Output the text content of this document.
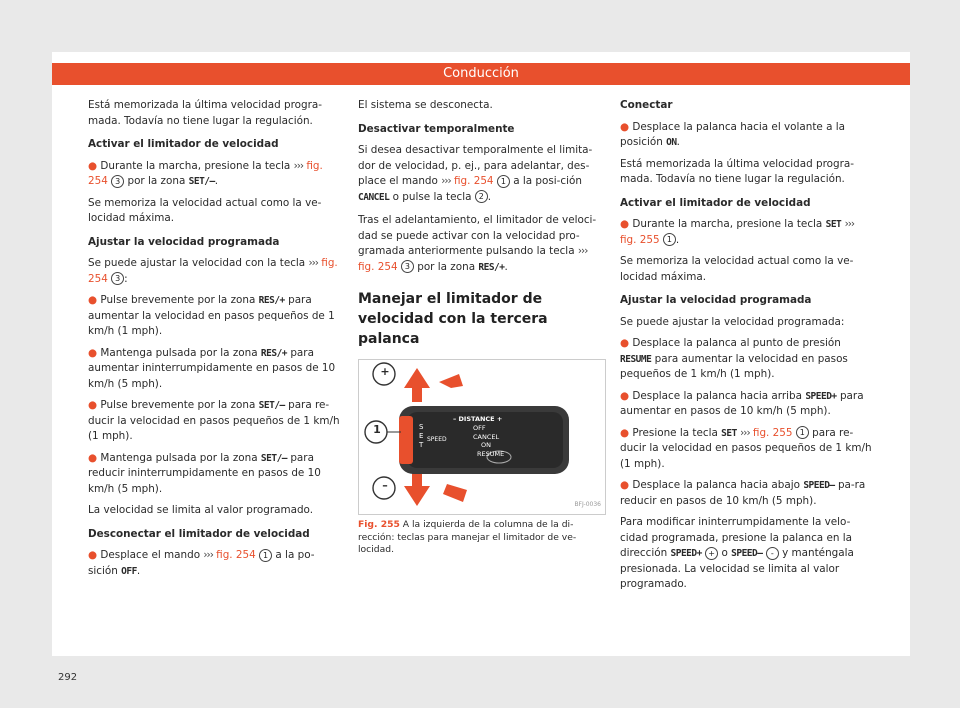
Conducción

Está memorizada la última velocidad progra-mada. Todavía no tiene lugar la regulación.

Activar el limitador de velocidad

● Durante la marcha, presione la tecla ››› fig. 254 3 por la zona SET/–.

Se memoriza la velocidad actual como la ve-locidad máxima.

Ajustar la velocidad programada

Se puede ajustar la velocidad con la tecla ››› fig. 254 3 :

● Pulse brevemente por la zona RES/+ para aumentar la velocidad en pasos pequeños de 1 km/h (1 mph).

● Mantenga pulsada por la zona RES/+ para aumentar ininterrumpidamente en pasos de 10 km/h (5 mph).

● Pulse brevemente por la zona SET/– para re-ducir la velocidad en pasos pequeños de 1 km/h (1 mph).

● Mantenga pulsada por la zona SET/– para reducir ininterrumpidamente en pasos de 10 km/h (5 mph).

La velocidad se limita al valor programado.

Desconectar el limitador de velocidad

● Desplace el mando ››› fig. 254 1 a la po-sición OFF.

El sistema se desconecta.

Desactivar temporalmente

Si desea desactivar temporalmente el limita-dor de velocidad, p. ej., para adelantar, des-place el mando ››› fig. 254 1 a la posi-ción CANCEL o pulse la tecla 2 .

Tras el adelantamiento, el limitador de veloci-dad se puede activar con la velocidad pro-gramada anteriormente pulsando la tecla ››› fig. 254 3 por la zona RES/+.

Manejar el limitador de velocidad con la tercera palanca
+
1
–
– DISTANCE +
S
E
T
SPEED
OFF
CANCEL
ON
RESUME
BFJ-0036
Fig. 255 A la izquierda de la columna de la di-rección: teclas para manejar el limitador de ve-locidad.

Conectar

● Desplace la palanca hacia el volante a la posición ON.

Está memorizada la última velocidad progra-mada. Todavía no tiene lugar la regulación.

Activar el limitador de velocidad

● Durante la marcha, presione la tecla SET ››› fig. 255 1 .

Se memoriza la velocidad actual como la ve-locidad máxima.

Ajustar la velocidad programada

Se puede ajustar la velocidad programada:

● Desplace la palanca al punto de presión RESUME para aumentar la velocidad en pasos pequeños de 1 km/h (1 mph).

● Desplace la palanca hacia arriba SPEED+ para aumentar en pasos de 10 km/h (5 mph).

● Presione la tecla SET ››› fig. 255 1 para re-ducir la velocidad en pasos pequeños de 1 km/h (1 mph).

● Desplace la palanca hacia abajo SPEED– pa-ra reducir en pasos de 10 km/h (5 mph).

Para modificar ininterrumpidamente la velo-cidad programada, presione la palanca en la dirección SPEED+ + o SPEED– - y manténgala presionada. La velocidad se limita al valor programado.

292
